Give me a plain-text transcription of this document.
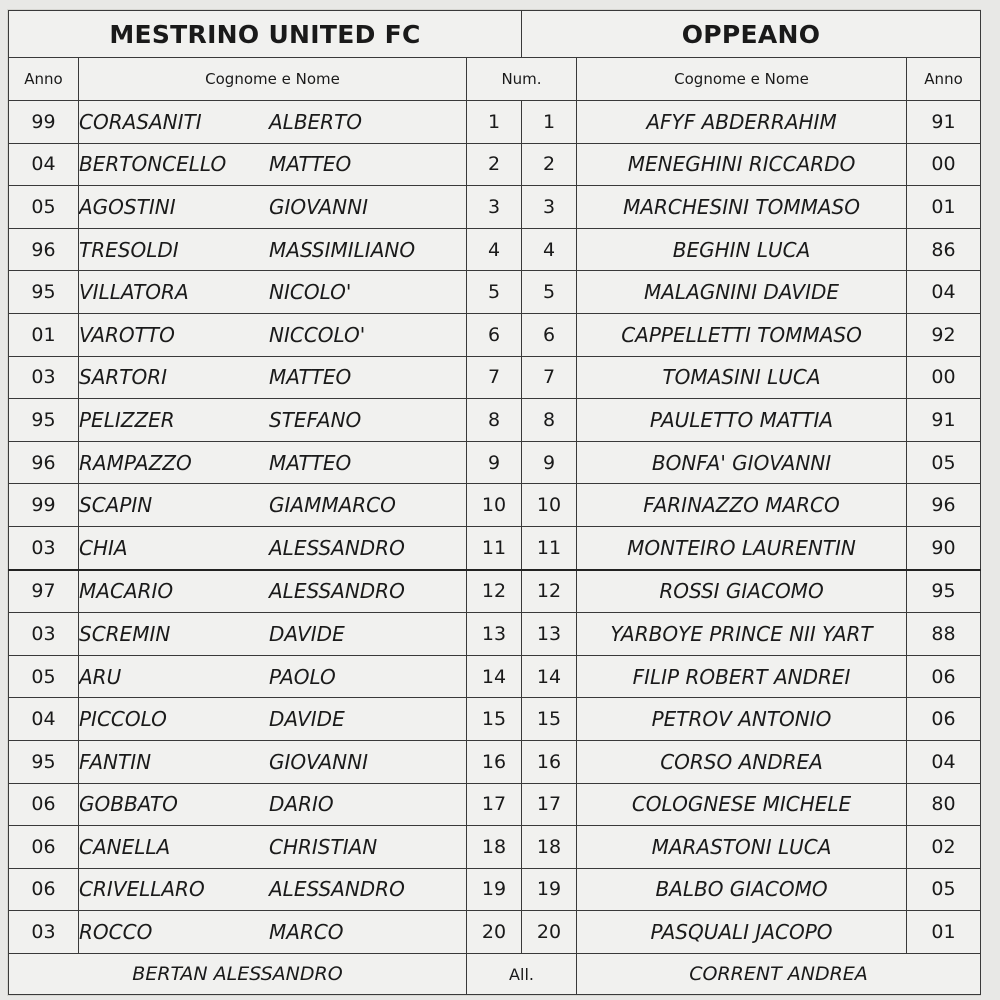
MESTRINO UNITED FC			OPPEANO		
Anno	Cognome e Nome	Num.		Cognome e Nome	Anno
99	CORASANITI ALBERTO	1	1	AFYF ABDERRAHIM	91
04	BERTONCELLO MATTEO	2	2	MENEGHINI RICCARDO	00
05	AGOSTINI GIOVANNI	3	3	MARCHESINI TOMMASO	01
96	TRESOLDI MASSIMILIANO	4	4	BEGHIN LUCA	86
95	VILLATORA NICOLO'	5	5	MALAGNINI DAVIDE	04
01	VAROTTO NICCOLO'	6	6	CAPPELLETTI TOMMASO	92
03	SARTORI MATTEO	7	7	TOMASINI LUCA	00
95	PELIZZER STEFANO	8	8	PAULETTO MATTIA	91
96	RAMPAZZO MATTEO	9	9	BONFA' GIOVANNI	05
99	SCAPIN GIAMMARCO	10	10	FARINAZZO MARCO	96
03	CHIA ALESSANDRO	11	11	MONTEIRO LAURENTIN	90
97	MACARIO ALESSANDRO	12	12	ROSSI GIACOMO	95
03	SCREMIN DAVIDE	13	13	YARBOYE PRINCE NII YART	88
05	ARU PAOLO	14	14	FILIP ROBERT ANDREI	06
04	PICCOLO DAVIDE	15	15	PETROV ANTONIO	06
95	FANTIN GIOVANNI	16	16	CORSO ANDREA	04
06	GOBBATO DARIO	17	17	COLOGNESE MICHELE	80
06	CANELLA CHRISTIAN	18	18	MARASTONI LUCA	02
06	CRIVELLARO ALESSANDRO	19	19	BALBO GIACOMO	05
03	ROCCO MARCO	20	20	PASQUALI JACOPO	01
BERTAN ALESSANDRO		All.		CORRENT ANDREA	
